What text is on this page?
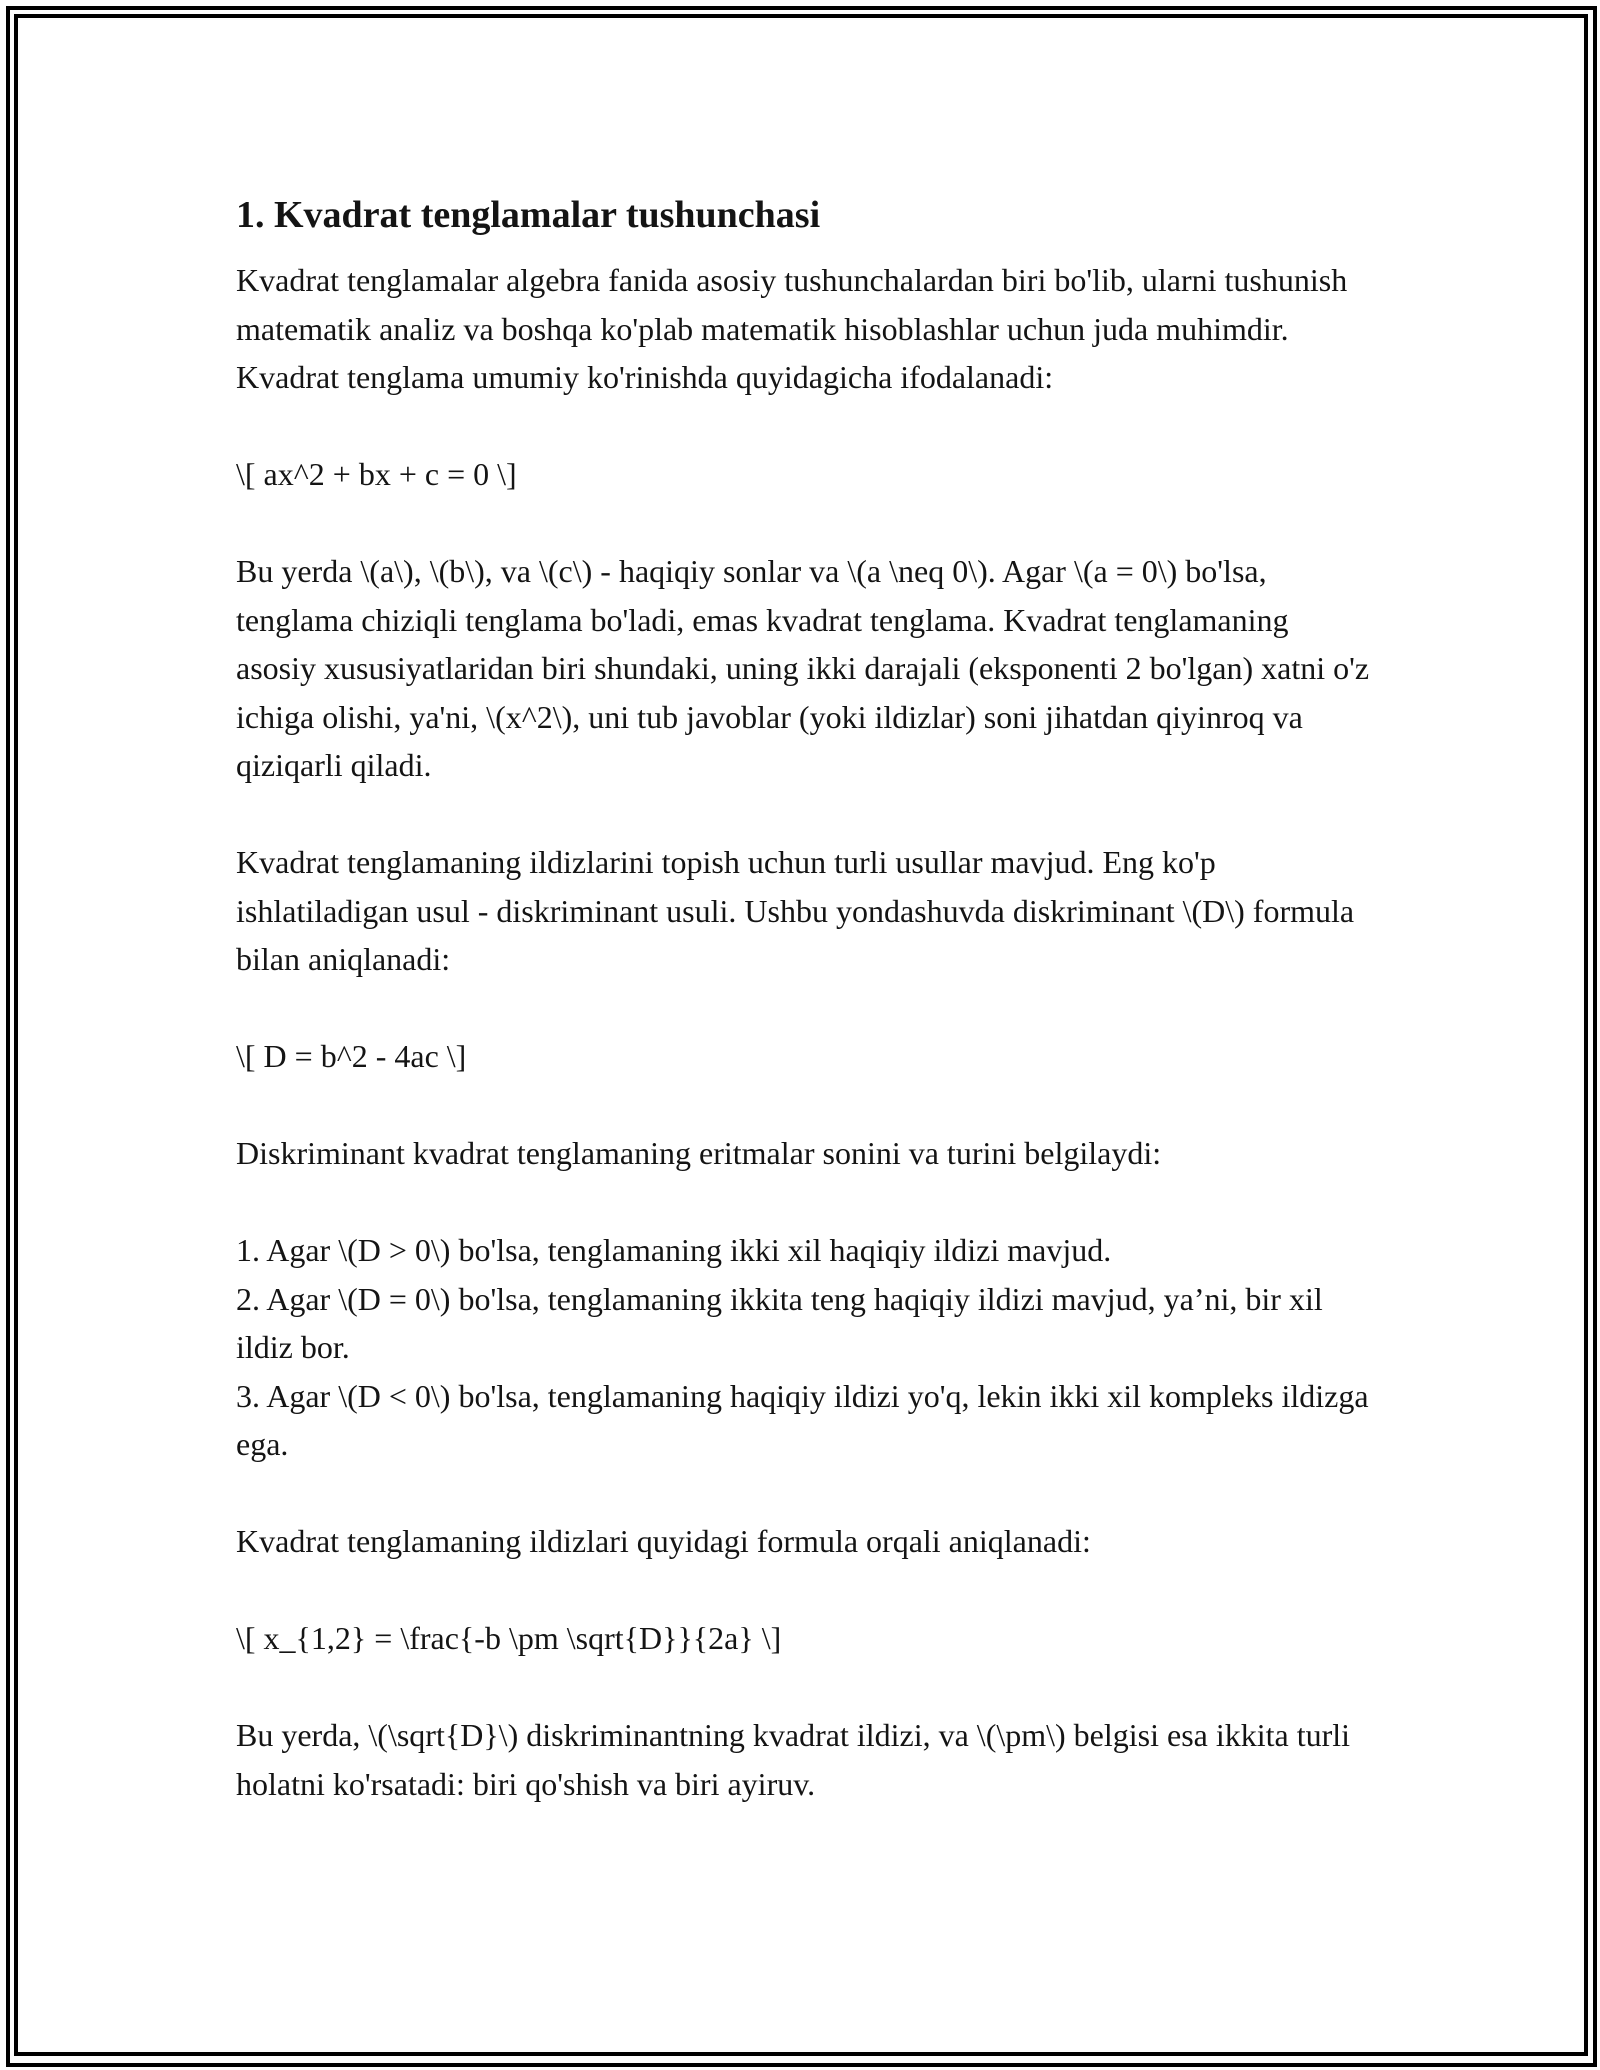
1. Kvadrat tenglamalar tushunchasi

Kvadrat tenglamalar algebra fanida asosiy tushunchalardan biri bo'lib, ularni tushunish matematik analiz va boshqa ko'plab matematik hisoblashlar uchun juda muhimdir. Kvadrat tenglama umumiy ko'rinishda quyidagicha ifodalanadi:

\[ ax^2 + bx + c = 0 \]

Bu yerda \(a\), \(b\), va \(c\) - haqiqiy sonlar va \(a \neq 0\). Agar \(a = 0\) bo'lsa, tenglama chiziqli tenglama bo'ladi, emas kvadrat tenglama. Kvadrat tenglamaning asosiy xususiyatlaridan biri shundaki, uning ikki darajali (eksponenti 2 bo'lgan) xatni o'z ichiga olishi, ya'ni, \(x^2\), uni tub javoblar (yoki ildizlar) soni jihatdan qiyinroq va qiziqarli qiladi.

Kvadrat tenglamaning ildizlarini topish uchun turli usullar mavjud. Eng ko'p ishlatiladigan usul - diskriminant usuli. Ushbu yondashuvda diskriminant \(D\) formula bilan aniqlanadi:

\[ D = b^2 - 4ac \]

Diskriminant kvadrat tenglamaning eritmalar sonini va turini belgilaydi:

1. Agar \(D > 0\) bo'lsa, tenglamaning ikki xil haqiqiy ildizi mavjud.
2. Agar \(D = 0\) bo'lsa, tenglamaning ikkita teng haqiqiy ildizi mavjud, ya’ni, bir xil ildiz bor.
3. Agar \(D < 0\) bo'lsa, tenglamaning haqiqiy ildizi yo'q, lekin ikki xil kompleks ildizga ega.

Kvadrat tenglamaning ildizlari quyidagi formula orqali aniqlanadi:

\[ x_{1,2} = \frac{-b \pm \sqrt{D}}{2a} \]

Bu yerda, \(\sqrt{D}\) diskriminantning kvadrat ildizi, va \(\pm\) belgisi esa ikkita turli holatni ko'rsatadi: biri qo'shish va biri ayiruv.
